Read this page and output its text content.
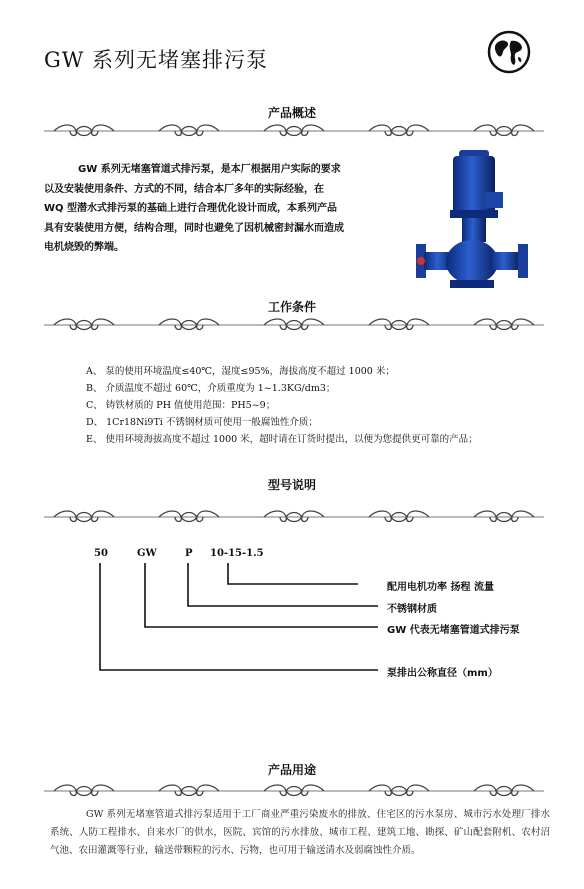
GW 系列无堵塞排污泵
产品概述

GW 系列无堵塞管道式排污泵，是本厂根据用户实际的要求以及安装使用条件、方式的不同，结合本厂多年的实际经验，在 WQ 型潜水式排污泵的基础上进行合理优化设计而成，本系列产品具有安装使用方便，结构合理，同时也避免了因机械密封漏水而造成电机烧毁的弊端。

工作条件
A、 泵的使用环境温度≤40℃，湿度≤95%，海拔高度不超过 1000 米；
B、 介质温度不超过 60℃，介质重度为 1~1.3KG/dm3；
C、 铸铁材质的 PH 值使用范围：PH5~9；
D、 1Cr18Ni9Ti 不锈钢材质可使用一般腐蚀性介质；
E、 使用环境海拔高度不超过 1000 米，超时请在订货时提出，以便为您提供更可靠的产品；
型号说明
50	GW	P 10-15-1.5
配用电机功率 扬程 流量
不锈钢材质
GW 代表无堵塞管道式排污泵
泵排出公称直径（mm）
产品用途

GW 系列无堵塞管道式排污泵适用于工厂商业严重污染废水的排放、住宅区的污水泵房、城市污水处理厂排水系统、人防工程排水、自来水厂的供水，医院、宾馆的污水排放、城市工程、建筑工地、勘探、矿山配套附机、农村沼气池、农田灌溉等行业，输送带颗粒的污水、污物，也可用于输送清水及弱腐蚀性介质。
